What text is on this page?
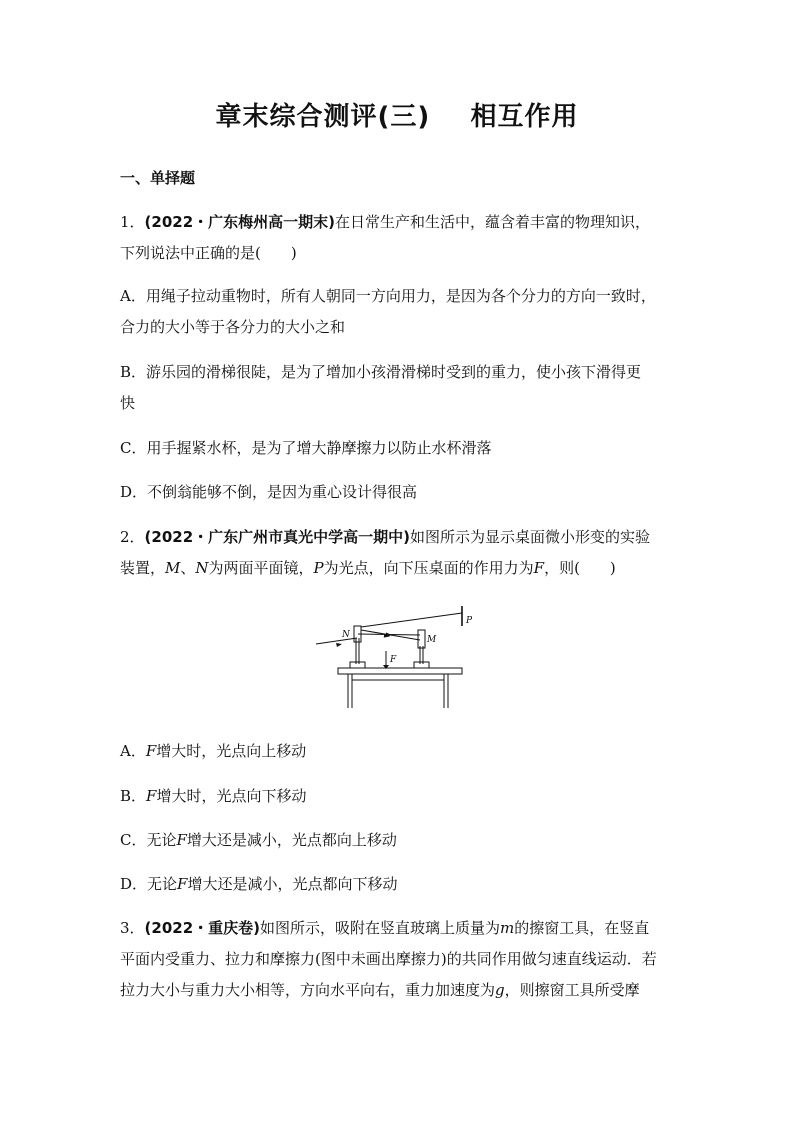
章末综合测评(三)    相互作用
一、单择题
1．(2022・广东梅州高一期末)在日常生产和生活中，蕴含着丰富的物理知识，
下列说法中正确的是(　　)
A．用绳子拉动重物时，所有人朝同一方向用力，是因为各个分力的方向一致时，
合力的大小等于各分力的大小之和
B．游乐园的滑梯很陡，是为了增加小孩滑滑梯时受到的重力，使小孩下滑得更
快
C．用手握紧水杯，是为了增大静摩擦力以防止水杯滑落
D．不倒翁能够不倒，是因为重心设计得很高
2．(2022・广东广州市真光中学高一期中)如图所示为显示桌面微小形变的实验
装置，M、N为两面平面镜，P为光点，向下压桌面的作用力为F，则(　　)
N	M
P
F
A．F增大时，光点向上移动
B．F增大时，光点向下移动
C．无论F增大还是减小，光点都向上移动
D．无论F增大还是减小，光点都向下移动
3．(2022・重庆卷)如图所示，吸附在竖直玻璃上质量为m的擦窗工具，在竖直
平面内受重力、拉力和摩擦力(图中未画出摩擦力)的共同作用做匀速直线运动．若
拉力大小与重力大小相等，方向水平向右，重力加速度为g，则擦窗工具所受摩
